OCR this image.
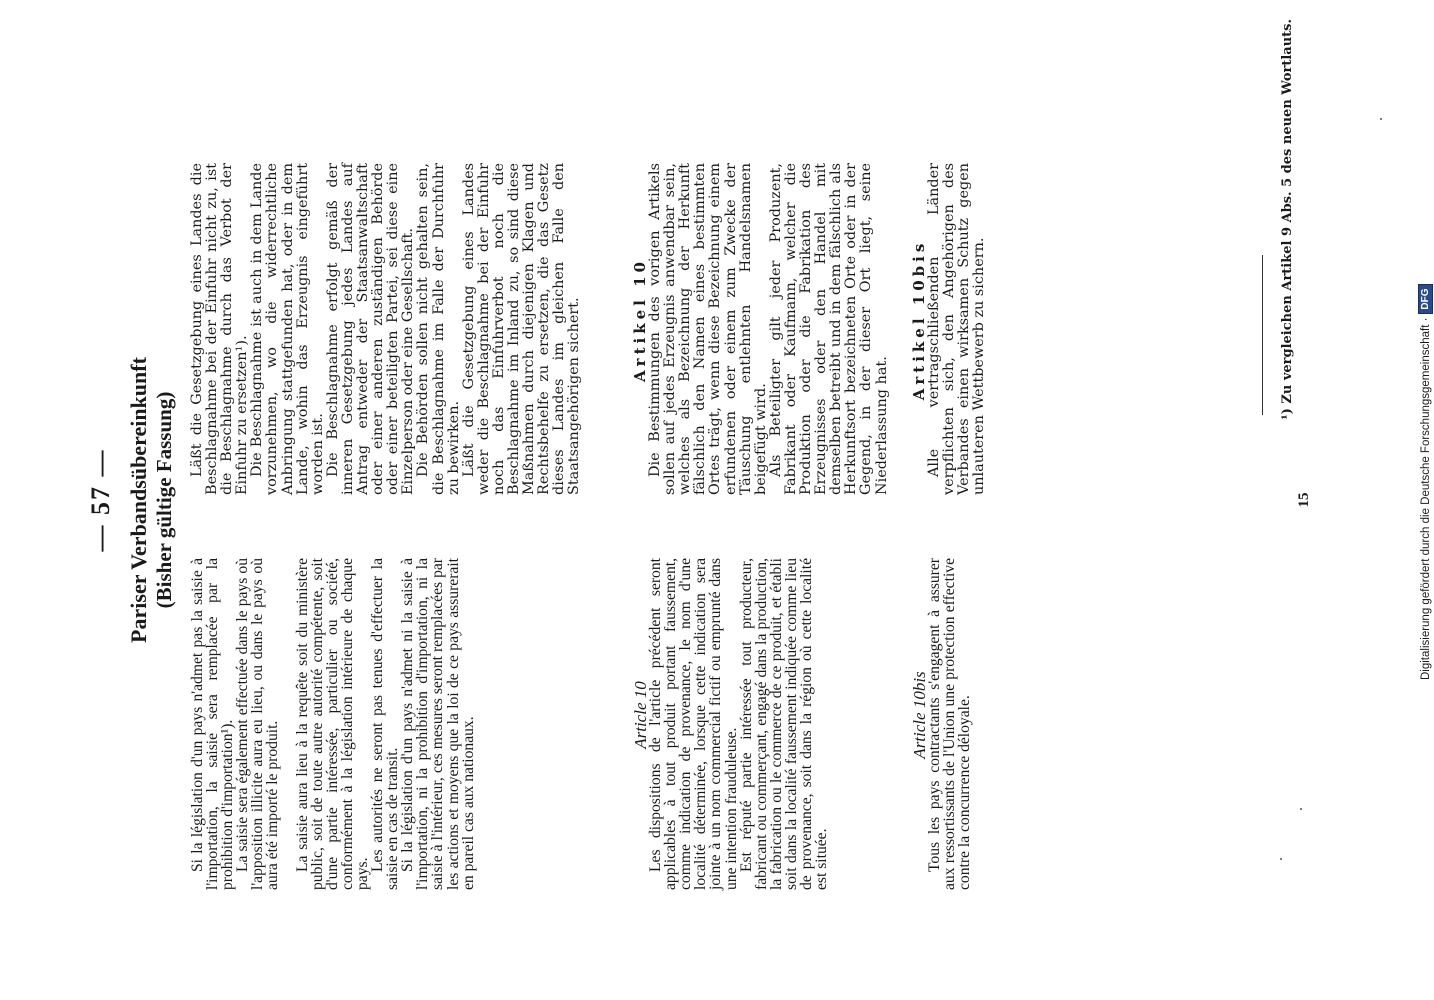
— 57 — Pariser Verbandsübereinkunft (Bisher gültige Fassung)

Si la législation d'un pays n'admet pas la saisie à l'importation, la saisie sera remplacée par la prohibition d'importation¹).

La saisie sera également effectuée dans le pays où l'apposition illicite aura eu lieu, ou dans le pays où aura été importé le produit. La saisie aura lieu à la requête soit du ministère public, soit de toute autre autorité compétente, soit d'une partie intéressée, particulier ou société, conformément à la législation intérieure de chaque pays.

Les autorités ne seront pas tenues d'effectuer la saisie en cas de transit.

Si la législation d'un pays n'admet ni la saisie à l'importation, ni la prohibition d'importation, ni la saisie à l'intérieur, ces mesures seront remplacées par les actions et moyens que la loi de ce pays assurerait en pareil cas aux nationaux.

Läßt die Gesetzgebung eines Landes die Beschlagnahme bei der Einfuhr nicht zu, ist die Beschlagnahme durch das Verbot der Einfuhr zu ersetzen¹). Die Beschlagnahme ist auch in dem Lande vorzunehmen, wo die widerrechtliche Anbringung stattgefunden hat, oder in dem Lande, wohin das Erzeugnis eingeführt worden ist. Die Beschlagnahme erfolgt gemäß der inneren Gesetzgebung jedes Landes auf Antrag entweder der Staatsanwaltschaft oder einer anderen zuständigen Behörde oder einer beteiligten Partei, sei diese eine Einzelperson oder eine Gesellschaft. Die Behörden sollen nicht gehalten sein, die Beschlagnahme im Falle der Durchfuhr zu bewirken. Läßt die Gesetzgebung eines Landes weder die Beschlagnahme bei der Einfuhr noch das Einfuhrverbot noch die Beschlagnahme im Inland zu, so sind diese Maßnahmen durch diejenigen Klagen und Rechtsbehelfe zu ersetzen, die das Gesetz dieses Landes im gleichen Falle den Staatsangehörigen sichert.

Article 10

Les dispositions de l'article précédent seront applicables à tout produit portant faussement, comme indication de provenance, le nom d'une localité déterminée, lorsque cette indication sera jointe à un nom commercial fictif ou emprunté dans une intention frauduleuse.

Est réputé partie intéressée tout producteur, fabricant ou commerçant, engagé dans la production, la fabrication ou le commerce de ce produit, et établi soit dans la localité faussement indiquée comme lieu de provenance, soit dans la région où cette localité est située.

Artikel 10

Die Bestimmungen des vorigen Artikels sollen auf jedes Erzeugnis anwendbar sein, welches als Bezeichnung der Herkunft fälschlich den Namen eines bestimmten Ortes trägt, wenn diese Bezeichnung einem erfundenen oder einem zum Zwecke der Täuschung entlehnten Handelsnamen beigefügt wird. Als Beteiligter gilt jeder Produzent, Fabrikant oder Kaufmann, welcher die Produktion oder die Fabrikation des Erzeugnisses oder den Handel mit demselben betreibt und in dem fälschlich als Herkunftsort bezeichneten Orte oder in der Gegend, in der dieser Ort liegt, seine Niederlassung hat.

Article 10bis

Tous les pays contractants s'engagent à assurer aux ressortissants de l'Union une protection effective contre la concurrence déloyale.

Artikel 10bis

Alle vertragschließenden Länder verpflichten sich, den Angehörigen des Verbandes einen wirksamen Schutz gegen unlauteren Wettbewerb zu sichern.	¹) Zu vergleichen Artikel 9 Abs. 5 des neuen Wortlauts.
15	Digitalisierung gefördert durch die Deutsche Forschungsgemeinschaft ·
DFG
